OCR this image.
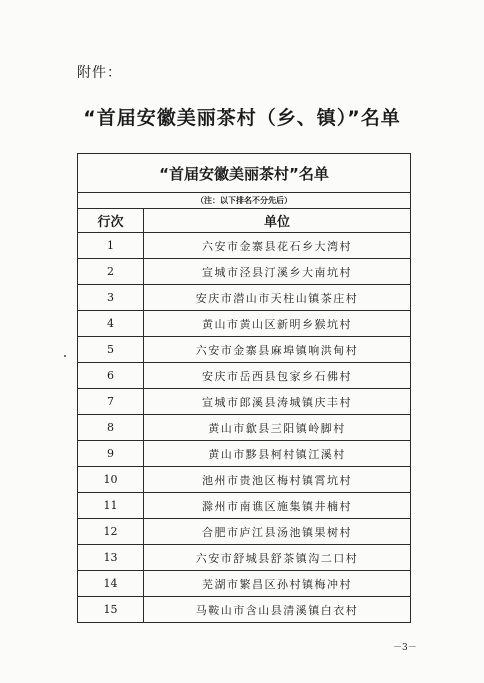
附件：
“首届安徽美丽茶村（乡、镇）”名单
“首届安徽美丽茶村”名单	
（注：以下排名不分先后）	
行次	单位
1	六安市金寨县花石乡大湾村
2	宣城市泾县汀溪乡大南坑村
3	安庆市潜山市天柱山镇茶庄村
4	黄山市黄山区新明乡猴坑村
5	六安市金寨县麻埠镇响洪甸村
6	安庆市岳西县包家乡石佛村
7	宣城市郎溪县涛城镇庆丰村
8	黄山市歙县三阳镇岭脚村
9	黄山市黟县柯村镇江溪村
10	池州市贵池区梅村镇霄坑村
11	滁州市南谯区施集镇井楠村
12	合肥市庐江县汤池镇果树村
13	六安市舒城县舒茶镇沟二口村
14	芜湖市繁昌区孙村镇梅冲村
15	马鞍山市含山县清溪镇白衣村
－3－
